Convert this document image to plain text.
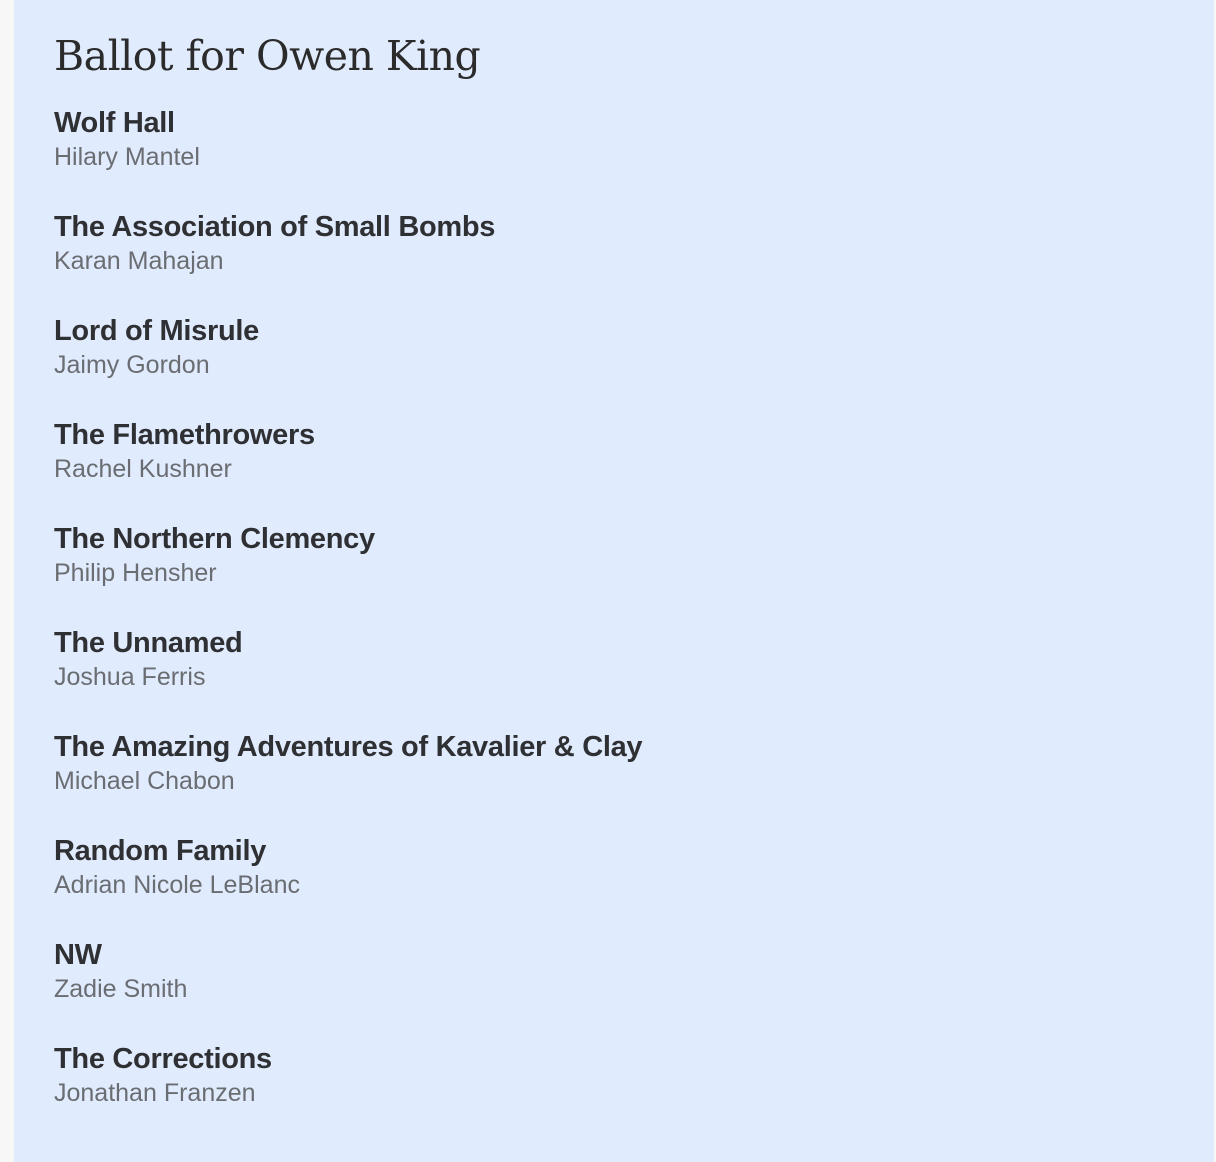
Ballot for Owen King
Wolf Hall
Hilary Mantel
The Association of Small Bombs
Karan Mahajan
Lord of Misrule
Jaimy Gordon
The Flamethrowers
Rachel Kushner
The Northern Clemency
Philip Hensher
The Unnamed
Joshua Ferris
The Amazing Adventures of Kavalier & Clay
Michael Chabon
Random Family
Adrian Nicole LeBlanc
NW
Zadie Smith
The Corrections
Jonathan Franzen
